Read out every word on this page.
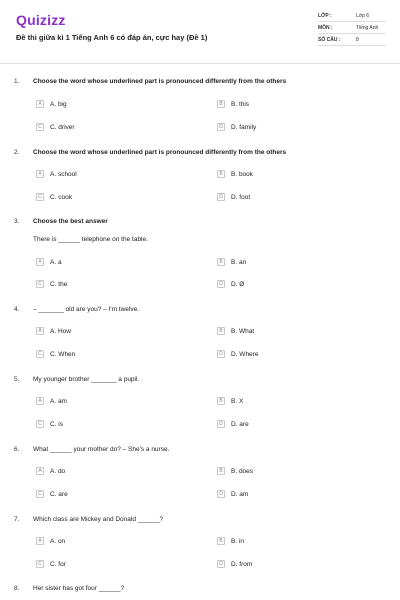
Quizizz
Đề thi giữa kì 1 Tiếng Anh 6 có đáp án, cực hay (Đề 1)
LỚP :	Lớp 6
MÔN :	Tiếng Anh
SỐ CÂU :	8
1. Choose the word whose underlined part is pronounced differently from the others
A	A. big	B	B. this
C	C. driver	D	D. family
2. Choose the word whose underlined part is pronounced differently from the others
A	A. school	B	B. book
C	C. cook	D	D. foot
3. Choose the best answer
There is ______ telephone on the table.
A	A. a	B	B. an
C	C. the	D	D. Ø
4. – _______ old are you? – I'm twelve.
A	A. How	B	B. What
C	C. When	D	D. Where
5. My younger brother _______ a pupil.
A	A. am	B	B. X
C	C. is	D	D. are
6. What ______ your mother do? – She's a nurse.
A	A. do	B	B. does
C	C. are	D	D. am
7. Which class are Mickey and Donald ______?
A	A. on	B	B. in
C	C. for	D	D. from
8. Her sister has got four ______?
